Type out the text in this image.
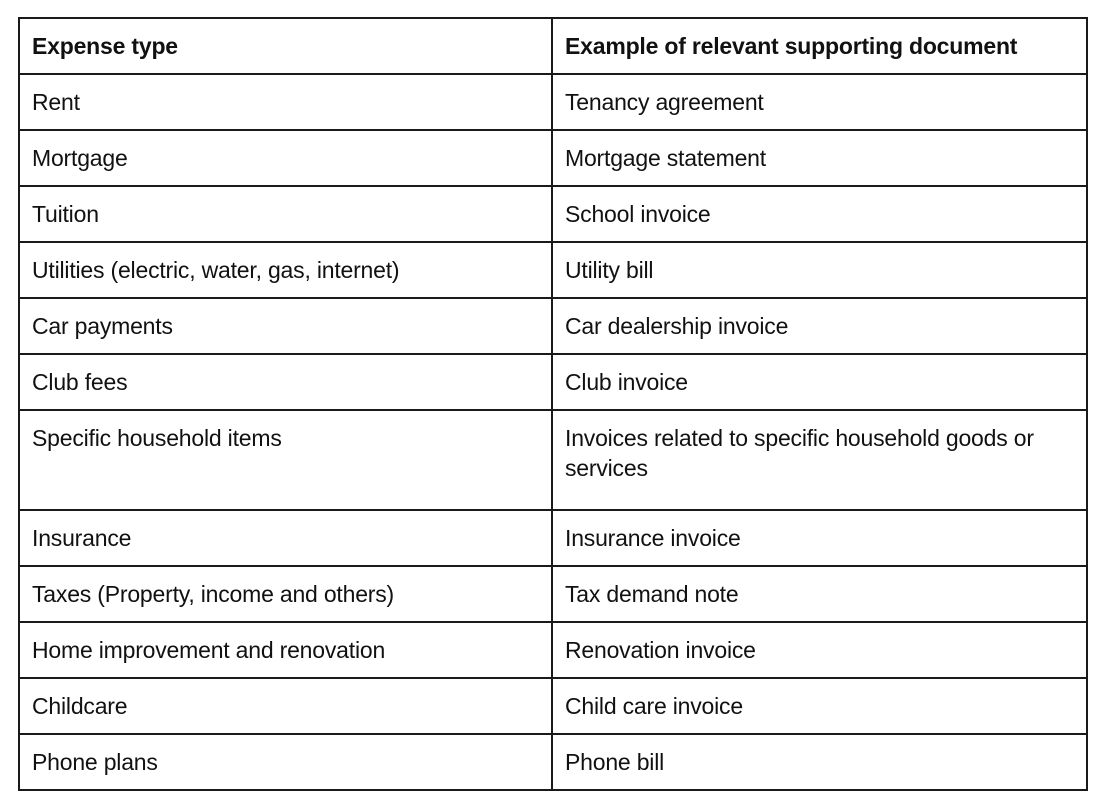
Expense type	Example of relevant supporting document
Rent	Tenancy agreement
Mortgage	Mortgage statement
Tuition	School invoice
Utilities (electric, water, gas, internet)	Utility bill
Car payments	Car dealership invoice
Club fees	Club invoice
Specific household items	Invoices related to specific household goods or services
Insurance	Insurance invoice
Taxes (Property, income and others)	Tax demand note
Home improvement and renovation	Renovation invoice
Childcare	Child care invoice
Phone plans	Phone bill
